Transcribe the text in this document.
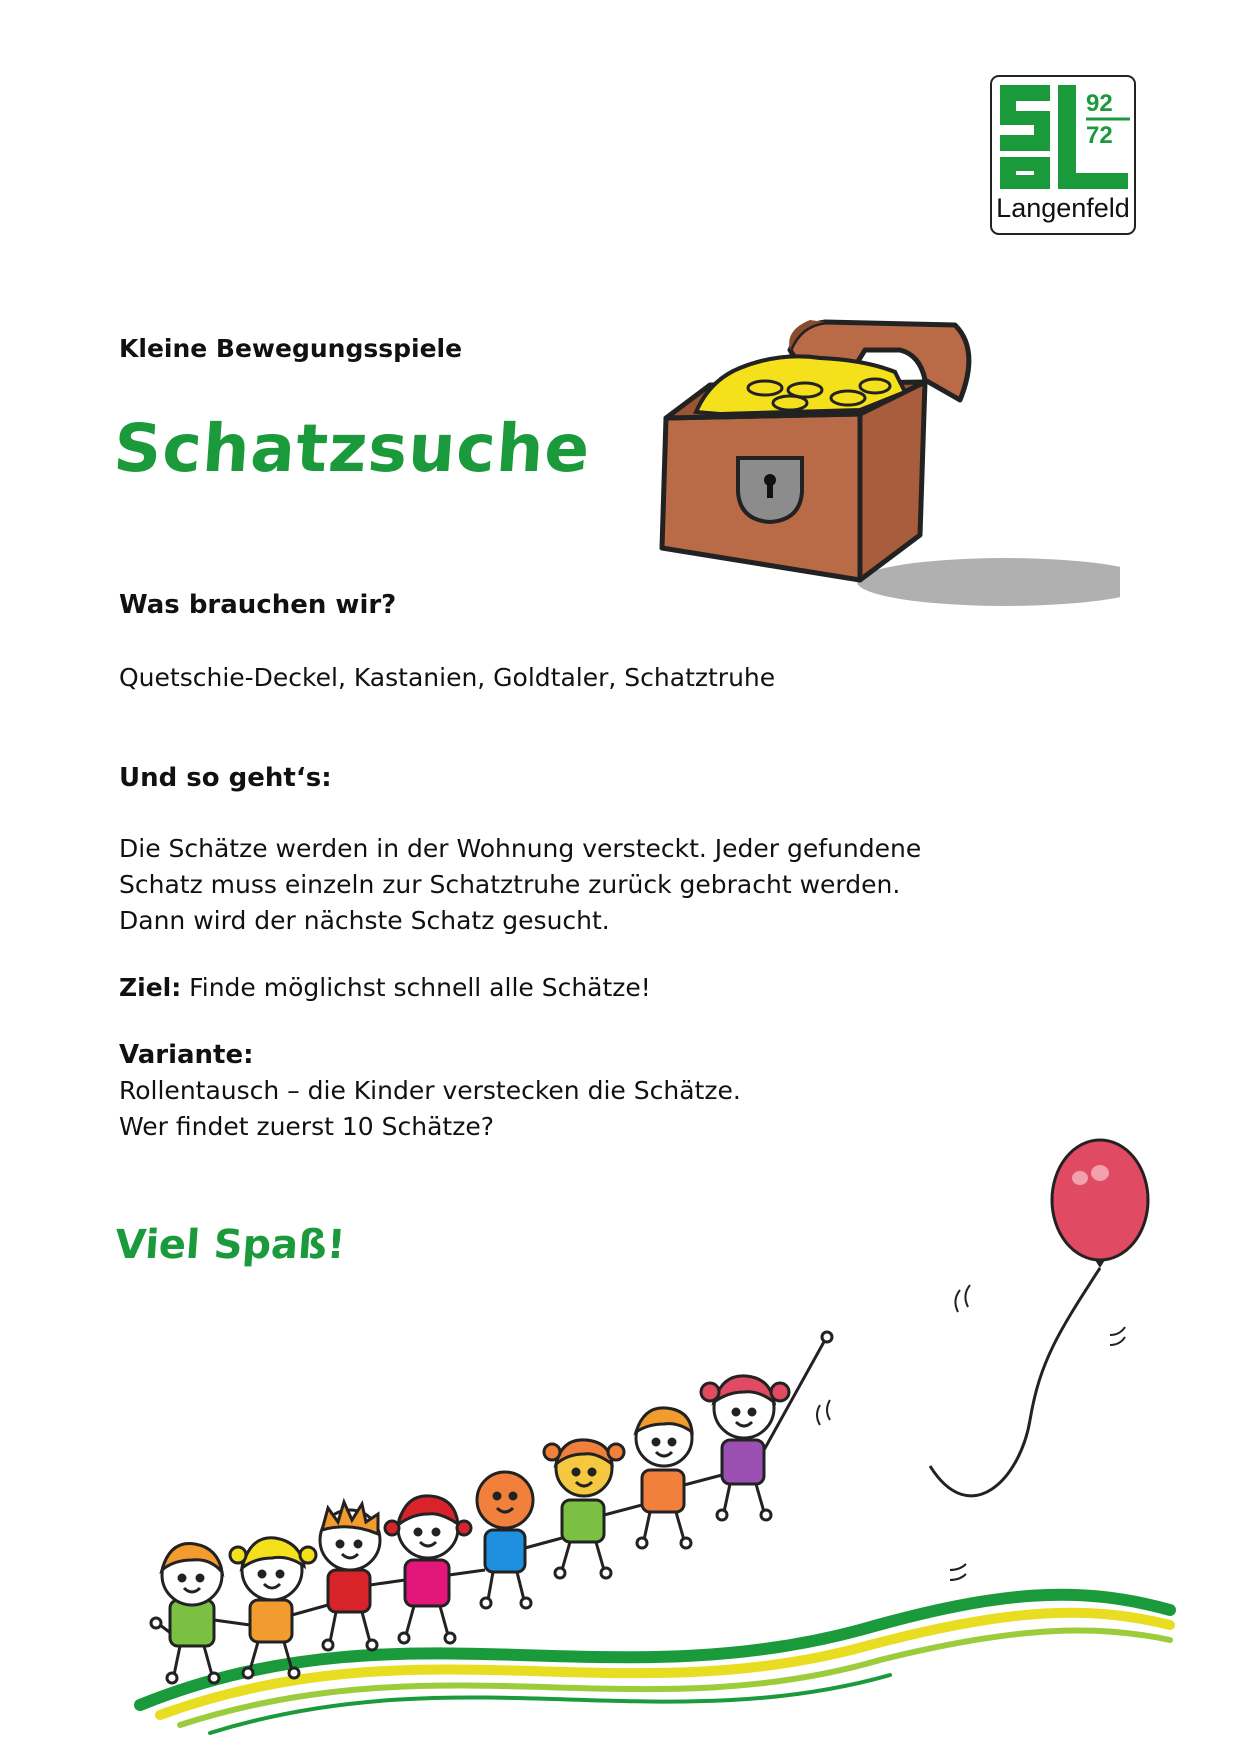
92
72
Langenfeld
Kleine Bewegungsspiele
Schatzsuche
Was brauchen wir?
Quetschie-Deckel, Kastanien, Goldtaler, Schatztruhe
Und so geht‘s:
Die Schätze werden in der Wohnung versteckt. Jeder gefundene
Schatz muss einzeln zur Schatztruhe zurück gebracht werden.
Dann wird der nächste Schatz gesucht.
Ziel: Finde möglichst schnell alle Schätze!
Variante:
Rollentausch – die Kinder verstecken die Schätze.
Wer findet zuerst 10 Schätze?
Viel Spaß!
